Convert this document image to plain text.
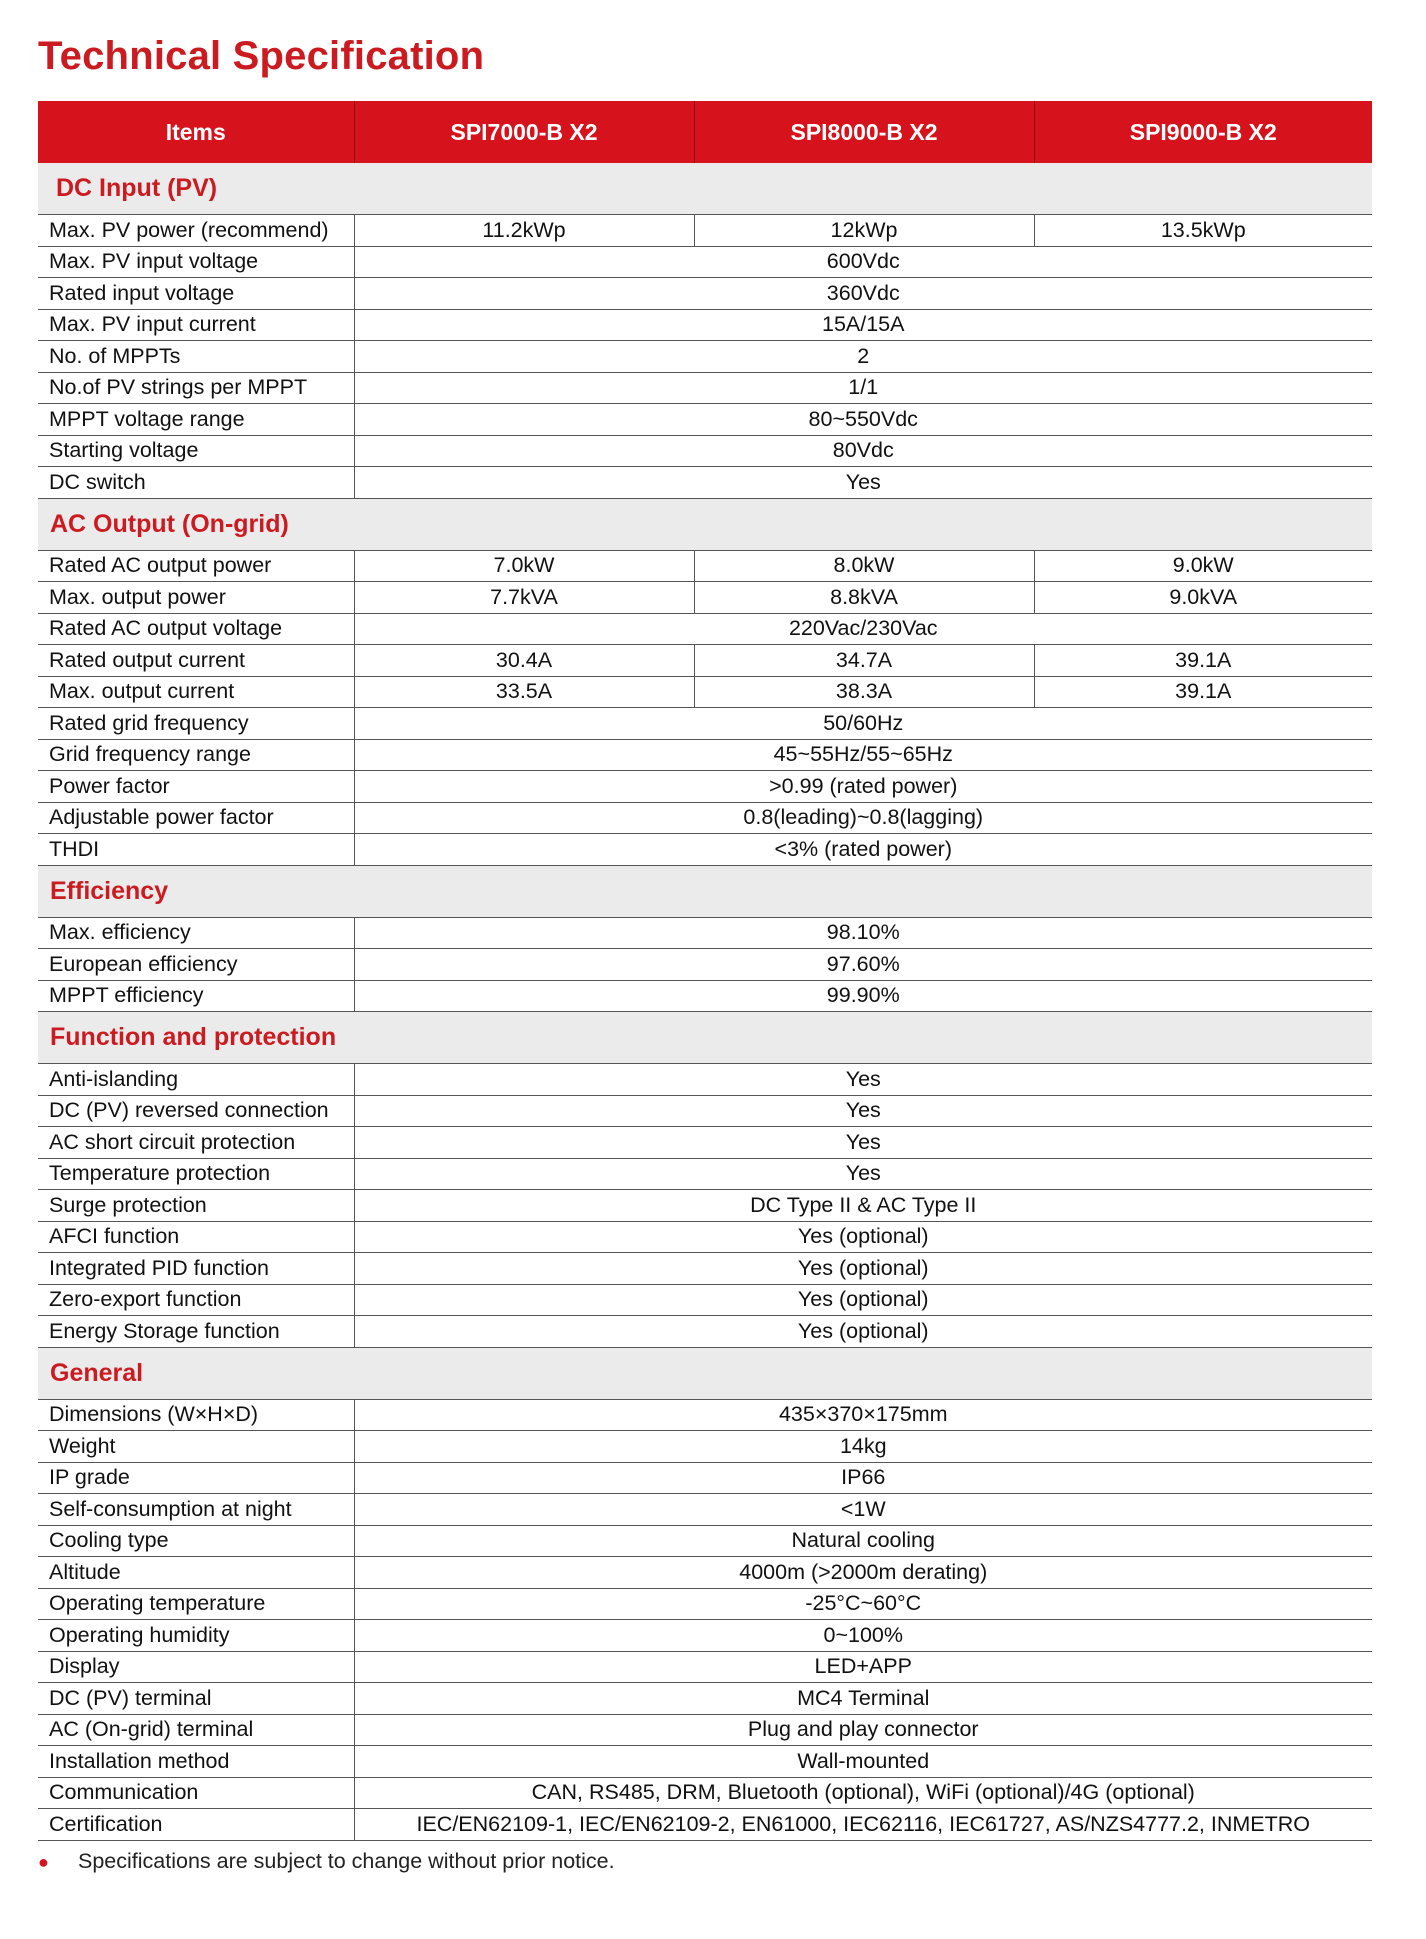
Technical Specification
Items	SPI7000-B X2	SPI8000-B X2	SPI9000-B X2
DC Input (PV)			
Max. PV power (recommend)	11.2kWp	12kWp	13.5kWp
Max. PV input voltage	600Vdc		
Rated input voltage	360Vdc		
Max. PV input current	15A/15A		
No. of MPPTs	2		
No.of PV strings per MPPT	1/1		
MPPT voltage range	80~550Vdc		
Starting voltage	80Vdc		
DC switch	Yes		
AC Output (On-grid)			
Rated AC output power	7.0kW	8.0kW	9.0kW
Max. output power	7.7kVA	8.8kVA	9.0kVA
Rated AC output voltage	220Vac/230Vac		
Rated output current	30.4A	34.7A	39.1A
Max. output current	33.5A	38.3A	39.1A
Rated grid frequency	50/60Hz		
Grid frequency range	45~55Hz/55~65Hz		
Power factor	>0.99 (rated power)		
Adjustable power factor	0.8(leading)~0.8(lagging)		
THDI	<3% (rated power)		
Efficiency			
Max. efficiency	98.10%		
European efficiency	97.60%		
MPPT efficiency	99.90%		
Function and protection			
Anti-islanding	Yes		
DC (PV) reversed connection	Yes		
AC short circuit protection	Yes		
Temperature protection	Yes		
Surge protection	DC Type II & AC Type II		
AFCI function	Yes (optional)		
Integrated PID function	Yes (optional)		
Zero-export function	Yes (optional)		
Energy Storage function	Yes (optional)		
General			
Dimensions (W×H×D)	435×370×175mm		
Weight	14kg		
IP grade	IP66		
Self-consumption at night	<1W		
Cooling type	Natural cooling		
Altitude	4000m (>2000m derating)		
Operating temperature	-25°C~60°C		
Operating humidity	0~100%		
Display	LED+APP		
DC (PV) terminal	MC4 Terminal		
AC (On-grid) terminal	Plug and play connector		
Installation method	Wall-mounted		
Communication	CAN, RS485, DRM, Bluetooth (optional), WiFi (optional)/4G (optional)		
Certification	IEC/EN62109-1, IEC/EN62109-2, EN61000, IEC62116, IEC61727, AS/NZS4777.2, INMETRO		
● Specifications are subject to change without prior notice.
